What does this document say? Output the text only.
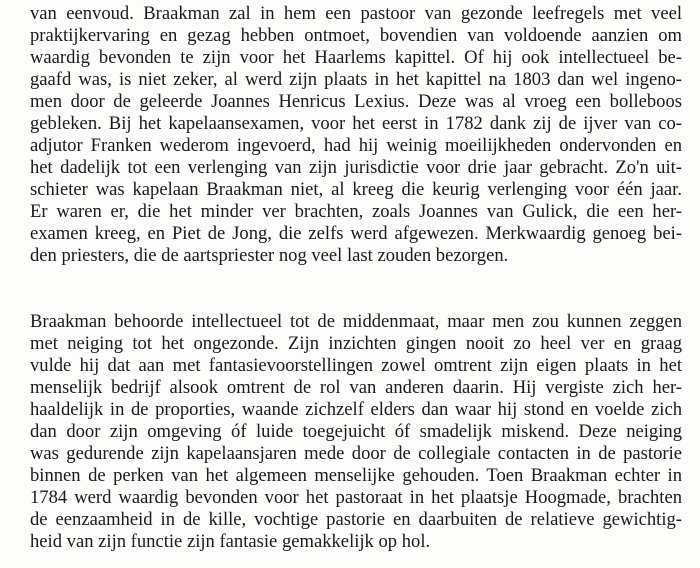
van eenvoud. Braakman zal in hem een pastoor van gezonde leefregels met veel
praktijkervaring en gezag hebben ontmoet, bovendien van voldoende aanzien om
waardig bevonden te zijn voor het Haarlems kapittel. Of hij ook intellectueel be-
gaafd was, is niet zeker, al werd zijn plaats in het kapittel na 1803 dan wel ingeno-
men door de geleerde Joannes Henricus Lexius. Deze was al vroeg een bolleboos
gebleken. Bij het kapelaansexamen, voor het eerst in 1782 dank zij de ijver van co-
adjutor Franken wederom ingevoerd, had hij weinig moeilijkheden ondervonden en
het dadelijk tot een verlenging van zijn jurisdictie voor drie jaar gebracht. Zo'n uit-
schieter was kapelaan Braakman niet, al kreeg die keurig verlenging voor één jaar.
Er waren er, die het minder ver brachten, zoals Joannes van Gulick, die een her-
examen kreeg, en Piet de Jong, die zelfs werd afgewezen. Merkwaardig genoeg bei-
den priesters, die de aartspriester nog veel last zouden bezorgen.
Braakman behoorde intellectueel tot de middenmaat, maar men zou kunnen zeggen
met neiging tot het ongezonde. Zijn inzichten gingen nooit zo heel ver en graag
vulde hij dat aan met fantasievoorstellingen zowel omtrent zijn eigen plaats in het
menselijk bedrijf alsook omtrent de rol van anderen daarin. Hij vergiste zich her-
haaldelijk in de proporties, waande zichzelf elders dan waar hij stond en voelde zich
dan door zijn omgeving óf luide toegejuicht óf smadelijk miskend. Deze neiging
was gedurende zijn kapelaansjaren mede door de collegiale contacten in de pastorie
binnen de perken van het algemeen menselijke gehouden. Toen Braakman echter in
1784 werd waardig bevonden voor het pastoraat in het plaatsje Hoogmade, brachten
de eenzaamheid in de kille, vochtige pastorie en daarbuiten de relatieve gewichtig-
heid van zijn functie zijn fantasie gemakkelijk op hol.
